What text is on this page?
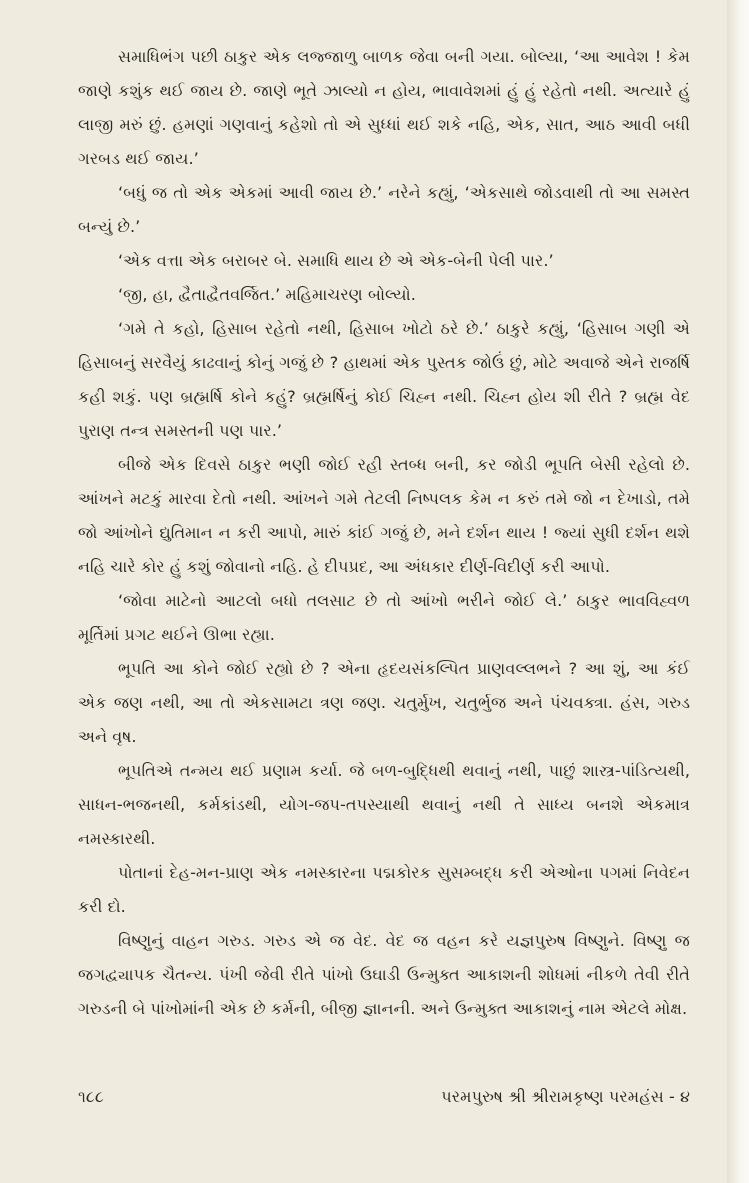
સમાધિભંગ પછી ઠાકુર એક લજ્જાળુ બાળક જેવા બની ગયા. બોલ્યા, ‘આ આવેશ ! કેમ જાણે કશુંક થઈ જાય છે. જાણે ભૂતે ઝાલ્યો ન હોય, ભાવાવેશમાં હું હું રહેતો નથી. અત્યારે હું લાજી મરું છું. હમણાં ગણવાનું કહેશો તો એ સુધ્ધાં થઈ શકે નહિ, એક, સાત, આઠ આવી બધી ગરબડ થઈ જાય.’

‘બધું જ તો એક એકમાં આવી જાય છે.’ નરેને કહ્યું, ‘એકસાથે જોડવાથી તો આ સમસ્ત બન્યું છે.’

‘એક વત્તા એક બરાબર બે. સમાધિ થાય છે એ એક-બેની પેલી પાર.’

‘જી, હા, દ્વૈતાદ્વૈતવર્જિત.’ મહિમાચરણ બોલ્યો.

‘ગમે તે કહો, હિસાબ રહેતો નથી, હિસાબ ખોટો ઠરે છે.’ ઠાકુરે કહ્યું, ‘હિસાબ ગણી એ હિસાબનું સરવૈયું કાઢવાનું કોનું ગજું છે ? હાથમાં એક પુસ્તક જોઉં છું, મોટે અવાજે એને રાજર્ષિ કહી શકું. પણ બ્રહ્મર્ષિ કોને કહું? બ્રહ્મર્ષિનું કોઈ ચિહ્ન નથી. ચિહ્ન હોય શી રીતે ? બ્રહ્મ વેદ પુરાણ તન્ત્ર સમસ્તની પણ પાર.’

બીજે એક દિવસે ઠાકુર ભણી જોઈ રહી સ્તબ્ધ બની, કર જોડી ભૂપતિ બેસી રહેલો છે. આંખને મટકું મારવા દેતો નથી. આંખને ગમે તેટલી નિષ્પલક કેમ ન કરું તમે જો ન દેખાડો, તમે જો આંખોને દ્યુતિમાન ન કરી આપો, મારું કાંઈ ગજું છે, મને દર્શન થાય ! જ્યાં સુધી દર્શન થશે નહિ ચારે કોર હું કશું જોવાનો નહિ. હે દીપપ્રદ, આ અંધકાર દીર્ણ-વિદીર્ણ કરી આપો.

‘જોવા માટેનો આટલો બધો તલસાટ છે તો આંખો ભરીને જોઈ લે.’ ઠાકુર ભાવવિહ્વળ મૂર્તિમાં પ્રગટ થઈને ઊભા રહ્યા.

ભૂપતિ આ કોને જોઈ રહ્યો છે ? એના હૃદયસંકલ્પિત પ્રાણવલ્લભને ? આ શું, આ કંઈ એક જણ નથી, આ તો એકસામટા ત્રણ જણ. ચતુર્મુખ, ચતુર્ભુજ અને પંચવક્ત્રા. હંસ, ગરુડ અને વૃષ.

ભૂપતિએ તન્મય થઈ પ્રણામ કર્યા. જે બળ-બુદ્ધિથી થવાનું નથી, પાછું શાસ્ત્ર-પાંડિત્યથી, સાધન-ભજનથી, કર્મકાંડથી, યોગ-જપ-તપસ્યાથી થવાનું નથી તે સાધ્ય બનશે એકમાત્ર નમસ્કારથી.

પોતાનાં દેહ-મન-પ્રાણ એક નમસ્કારના પદ્મકોરક સુસમ્બદ્ધ કરી એઓના પગમાં નિવેદન કરી દો.

વિષ્ણુનું વાહન ગરુડ. ગરુડ એ જ વેદ. વેદ જ વહન કરે યજ્ઞપુરુષ વિષ્ણુને. વિષ્ણુ જ જગદ્વ્યાપક ચૈતન્ય. પંખી જેવી રીતે પાંખો ઉઘાડી ઉન્મુક્ત આકાશની શોધમાં નીકળે તેવી રીતે ગરુડની બે પાંખોમાંની એક છે કર્મની, બીજી જ્ઞાનની. અને ઉન્મુક્ત આકાશનું નામ એટલે મોક્ષ.

૧૮૮	પરમપુરુષ શ્રી શ્રીરામકૃષ્ણ પરમહંસ - ૪
